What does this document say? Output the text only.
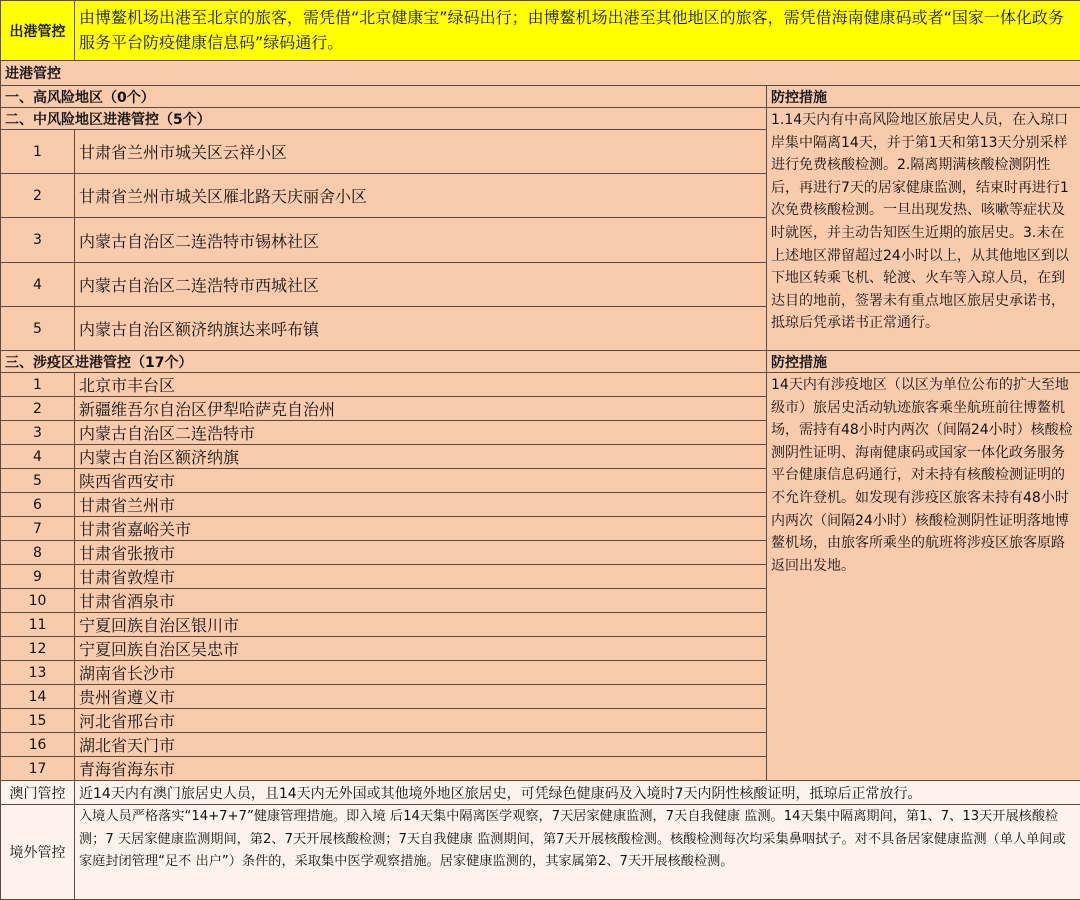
出港管控	由博鳌机场出港至北京的旅客，需凭借“北京健康宝”绿码出行；由博鳌机场出港至其他地区的旅客，需凭借海南健康码或者“国家一体化政务服务平台防疫健康信息码”绿码通行。	
进港管控		
一、高风险地区（0个）		防控措施
二、中风险地区进港管控（5个）		1.14天内有中高风险地区旅居史人员，在入琼口岸集中隔离14天，并于第1天和第13天分别采样进行免费核酸检测。2.隔离期满核酸检测阴性后，再进行7天的居家健康监测，结束时再进行1次免费核酸检测。一旦出现发热、咳嗽等症状及时就医，并主动告知医生近期的旅居史。3.未在上述地区滞留超过24小时以上，从其他地区到以下地区转乘飞机、轮渡、火车等入琼人员，在到达目的地前，签署未有重点地区旅居史承诺书，抵琼后凭承诺书正常通行。
1	甘肃省兰州市城关区云祥小区	
2	甘肃省兰州市城关区雁北路天庆丽舍小区	
3	内蒙古自治区二连浩特市锡林社区	
4	内蒙古自治区二连浩特市西城社区	
5	内蒙古自治区额济纳旗达来呼布镇	
三、涉疫区进港管控（17个）		防控措施
1	北京市丰台区	14天内有涉疫地区（以区为单位公布的扩大至地级市）旅居史活动轨迹旅客乘坐航班前往博鳌机场，需持有48小时内两次（间隔24小时）核酸检测阴性证明、海南健康码或国家一体化政务服务平台健康信息码通行，对未持有核酸检测证明的不允许登机。如发现有涉疫区旅客未持有48小时内两次（间隔24小时）核酸检测阴性证明落地博鳌机场，由旅客所乘坐的航班将涉疫区旅客原路返回出发地。
2	新疆维吾尔自治区伊犁哈萨克自治州	
3	内蒙古自治区二连浩特市	
4	内蒙古自治区额济纳旗	
5	陕西省西安市	
6	甘肃省兰州市	
7	甘肃省嘉峪关市	
8	甘肃省张掖市	
9	甘肃省敦煌市	
10	甘肃省酒泉市	
11	宁夏回族自治区银川市	
12	宁夏回族自治区吴忠市	
13	湖南省长沙市	
14	贵州省遵义市	
15	河北省邢台市	
16	湖北省天门市	
17	青海省海东市	
澳门管控	近14天内有澳门旅居史人员，且14天内无外国或其他境外地区旅居史，可凭绿色健康码及入境时7天内阴性核酸证明，抵琼后正常放行。	
境外管控	入境人员严格落实“14+7+7”健康管理措施。即入境 后14天集中隔离医学观察，7天居家健康监测，7天自我健康 监测。14天集中隔离期间，第1、7、13天开展核酸检测；7 天居家健康监测期间，第2、7天开展核酸检测；7天自我健康 监测期间，第7天开展核酸检测。核酸检测每次均采集鼻咽拭子。对不具备居家健康监测（单人单间或家庭封闭管理“足不 出户”）条件的，采取集中医学观察措施。居家健康监测的，其家属第2、7天开展核酸检测。	
